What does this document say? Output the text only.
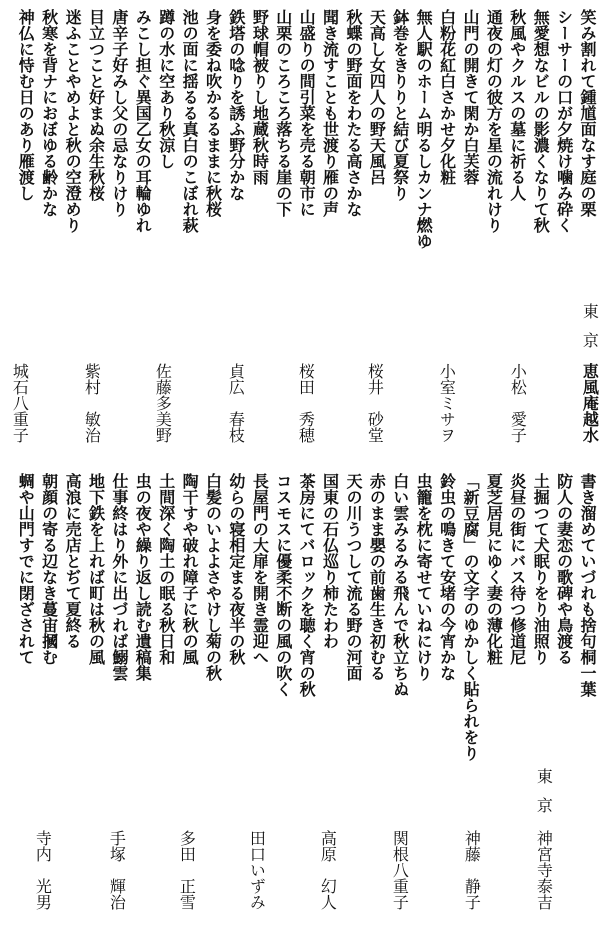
笑み割れて鍾馗面なす庭の栗

シーサーの口が夕焼け噛み砕く

無愛想なビルの影濃くなりて秋

秋風やクルスの墓に祈る人

通夜の灯の彼方を星の流れけり

山門の開きて閑か白芙蓉

白粉花紅白さかせ夕化粧

無人駅のホーム明るしカンナ燃ゆ

鉢巻をきりりと結び夏祭り

天高し女四人の野天風呂

秋蝶の野面をわたる高さかな

聞き流すことも世渡り雁の声

山盛りの間引菜を売る朝市に

山栗のころころ落ちる崖の下

野球帽被りし地蔵秋時雨

鉄塔の唸りを誘ふ野分かな

身を委ね吹かるるままに秋桜

池の面に揺るる真白のこぼれ萩

蹲の水に空あり秋涼し

みこし担ぐ異国乙女の耳輪ゆれ

唐辛子好みし父の忌なりけり

目立つこと好まぬ余生秋桜

迷ふことやめよと秋の空澄めり

秋寒を背ナにおぼゆる齢かな

神仏に恃む日のあり雁渡し

東京
恵風庵越水
小松　愛子
小室ミサヲ
桜井　砂堂
桜田　秀穂
貞広　春枝
佐藤多美野
紫村　敏治
城石八重子

書き溜めていづれも捨句桐一葉

防人の妻恋の歌碑や鳥渡る

土掘つて犬眠りをり油照り

炎昼の街にバス待つ修道尼

夏芝居見にゆく妻の薄化粧

「新豆腐」の文字のゆかしく貼られをり

鈴虫の鳴きて安堵の今宵かな

虫籠を枕に寄せていねにけり

白い雲みるみる飛んで秋立ちぬ

赤のまま嬰の前歯生き初むる

天の川うつして流る野の河面

国東の石仏巡り柿たわわ

茶房にてバロックを聴く宵の秋

コスモスに優柔不断の風の吹く

長屋門の大扉を開き霊迎へ

幼らの寝相定まる夜半の秋

白髪のいよよさやけし菊の秋

陶干すや破れ障子に秋の風

土間深く陶土の眠る秋日和

虫の夜や繰り返し読む遺稿集

仕事終はり外に出づれば鰯雲

地下鉄を上れば町は秋の風

高浪に売店とぢて夏終る

朝顔の寄る辺なき蔓宙摑む

蜩や山門すでに閉ざされて

東京
神宮寺泰吉
神藤　静子
関根八重子
高原　幻人
田口いずみ
多田　正雪
手塚　輝治
寺内　光男
